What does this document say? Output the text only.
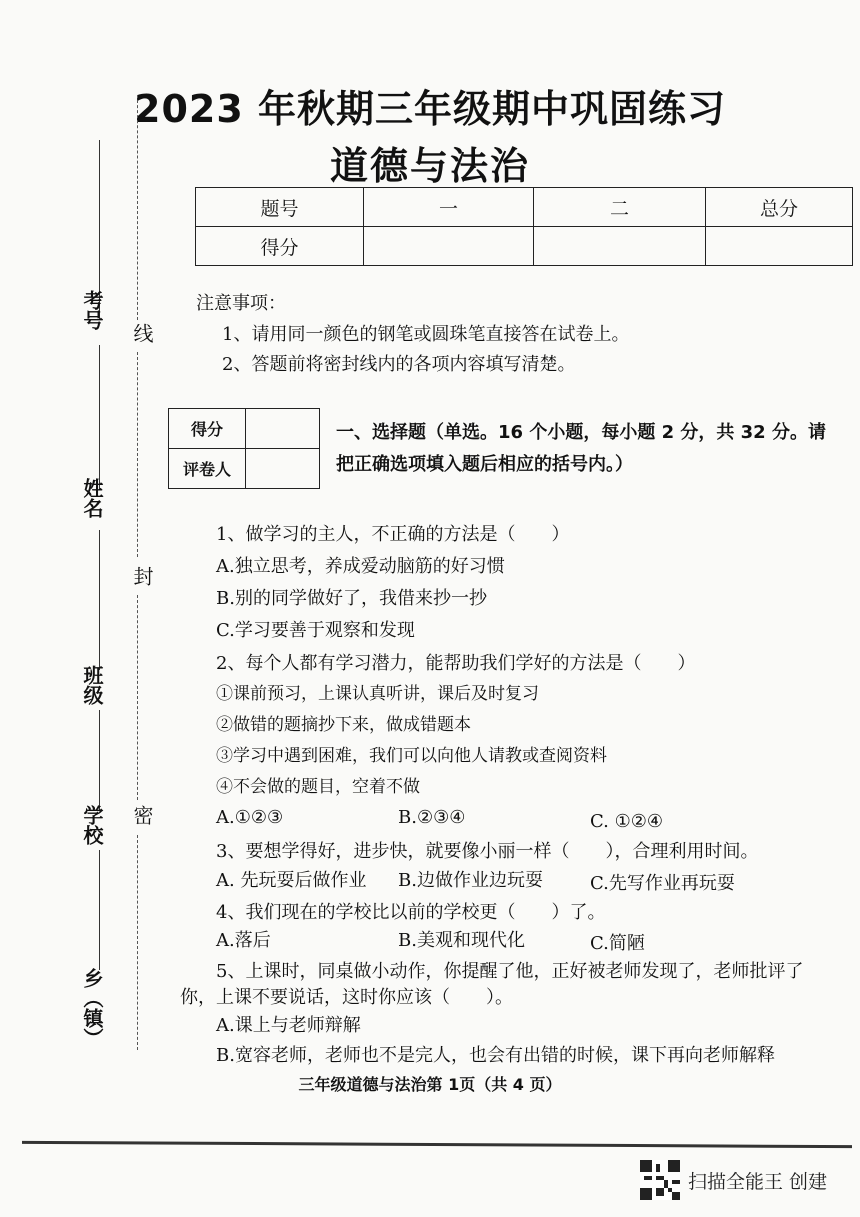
2023 年秋期三年级期中巩固练习
道德与法治
题号	一	二	总分
得分			
注意事项：
1、请用同一颜色的钢笔或圆珠笔直接答在试卷上。
2、答题前将密封线内的各项内容填写清楚。
得分	
评卷人	
一、选择题（单选。16 个小题，每小题 2 分，共 32 分。请
把正确选项填入题后相应的括号内。）
考号
姓名
班级
学校
乡（镇）
线
封
密
1、做学习的主人，不正确的方法是（　　）
A.独立思考，养成爱动脑筋的好习惯
B.别的同学做好了，我借来抄一抄
C.学习要善于观察和发现
2、每个人都有学习潜力，能帮助我们学好的方法是（　　）
①课前预习，上课认真听讲，课后及时复习
②做错的题摘抄下来，做成错题本
③学习中遇到困难，我们可以向他人请教或查阅资料
④不会做的题目，空着不做
A.①②③	B.②③④	C. ①②④
3、要想学得好，进步快，就要像小丽一样（　　），合理利用时间。
A. 先玩耍后做作业 B.边做作业边玩耍	C.先写作业再玩耍
4、我们现在的学校比以前的学校更（　　）了。
A.落后	B.美观和现代化	C.简陋
5、上课时，同桌做小动作，你提醒了他，正好被老师发现了，老师批评了
你，上课不要说话，这时你应该（　　）。
A.课上与老师辩解
B.宽容老师，老师也不是完人，也会有出错的时候，课下再向老师解释
三年级道德与法治第 1页（共 4 页）
扫描全能王 创建
